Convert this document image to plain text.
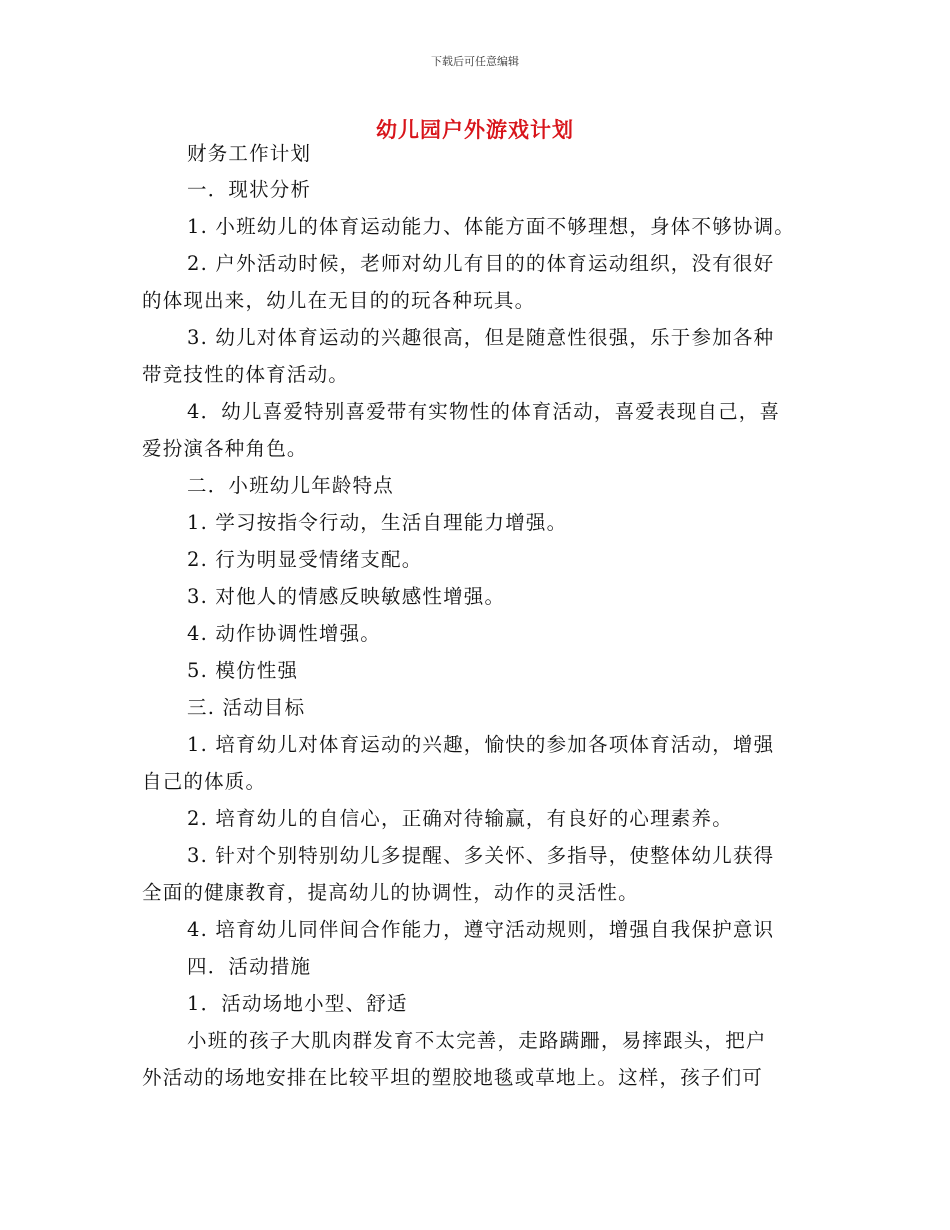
下载后可任意编辑
幼儿园户外游戏计划
财务工作计划
一．现状分析
1. 小班幼儿的体育运动能力、体能方面不够理想，身体不够协调。
2. 户外活动时候，老师对幼儿有目的的体育运动组织，没有很好
的体现出来，幼儿在无目的的玩各种玩具。
3. 幼儿对体育运动的兴趣很高，但是随意性很强，乐于参加各种
带竞技性的体育活动。
4．幼儿喜爱特别喜爱带有实物性的体育活动，喜爱表现自己，喜
爱扮演各种角色。
二．小班幼儿年龄特点
1. 学习按指令行动，生活自理能力增强。
2. 行为明显受情绪支配。
3. 对他人的情感反映敏感性增强。
4. 动作协调性增强。
5. 模仿性强
三. 活动目标
1. 培育幼儿对体育运动的兴趣，愉快的参加各项体育活动，增强
自己的体质。
2. 培育幼儿的自信心，正确对待输赢，有良好的心理素养。
3. 针对个别特别幼儿多提醒、多关怀、多指导，使整体幼儿获得
全面的健康教育，提高幼儿的协调性，动作的灵活性。
4. 培育幼儿同伴间合作能力，遵守活动规则，增强自我保护意识
四．活动措施
1．活动场地小型、舒适
小班的孩子大肌肉群发育不太完善，走路蹒跚，易摔跟头，把户
外活动的场地安排在比较平坦的塑胶地毯或草地上。这样，孩子们可
